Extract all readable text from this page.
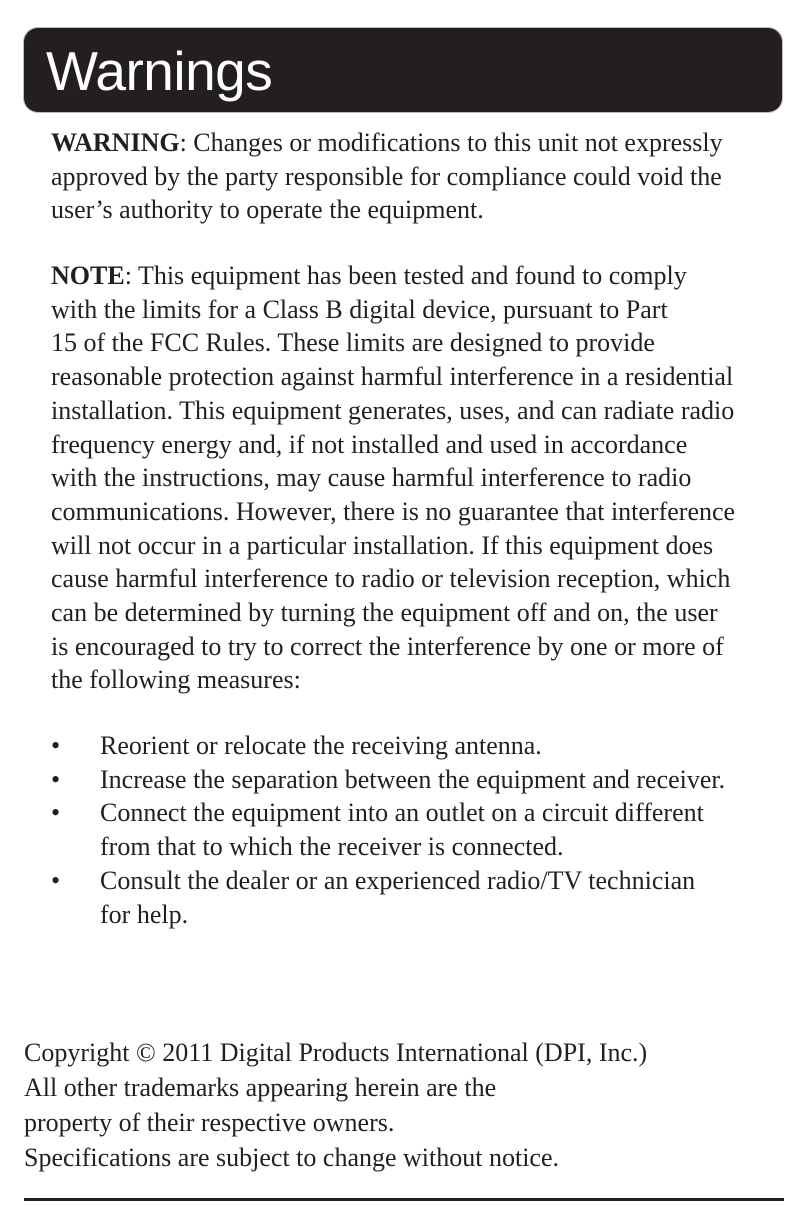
Warnings
WARNING: Changes or modifications to this unit not expressly
approved by the party responsible for compliance could void the
user’s authority to operate the equipment.
NOTE: This equipment has been tested and found to comply
with the limits for a Class B digital device, pursuant to Part
15 of the FCC Rules. These limits are designed to provide
reasonable protection against harmful interference in a residential
installation. This equipment generates, uses, and can radiate radio
frequency energy and, if not installed and used in accordance
with the instructions, may cause harmful interference to radio
communications. However, there is no guarantee that interference
will not occur in a particular installation. If this equipment does
cause harmful interference to radio or television reception, which
can be determined by turning the equipment off and on, the user
is encouraged to try to correct the interference by one or more of
the following measures:
•	Reorient or relocate the receiving antenna.
•	Increase the separation between the equipment and receiver.
•	Connect the equipment into an outlet on a circuit different
from that to which the receiver is connected.
•	Consult the dealer or an experienced radio/TV technician
for help.
Copyright © 2011 Digital Products International (DPI, Inc.)
All other trademarks appearing herein are the
property of their respective owners.
Specifications are subject to change without notice.
